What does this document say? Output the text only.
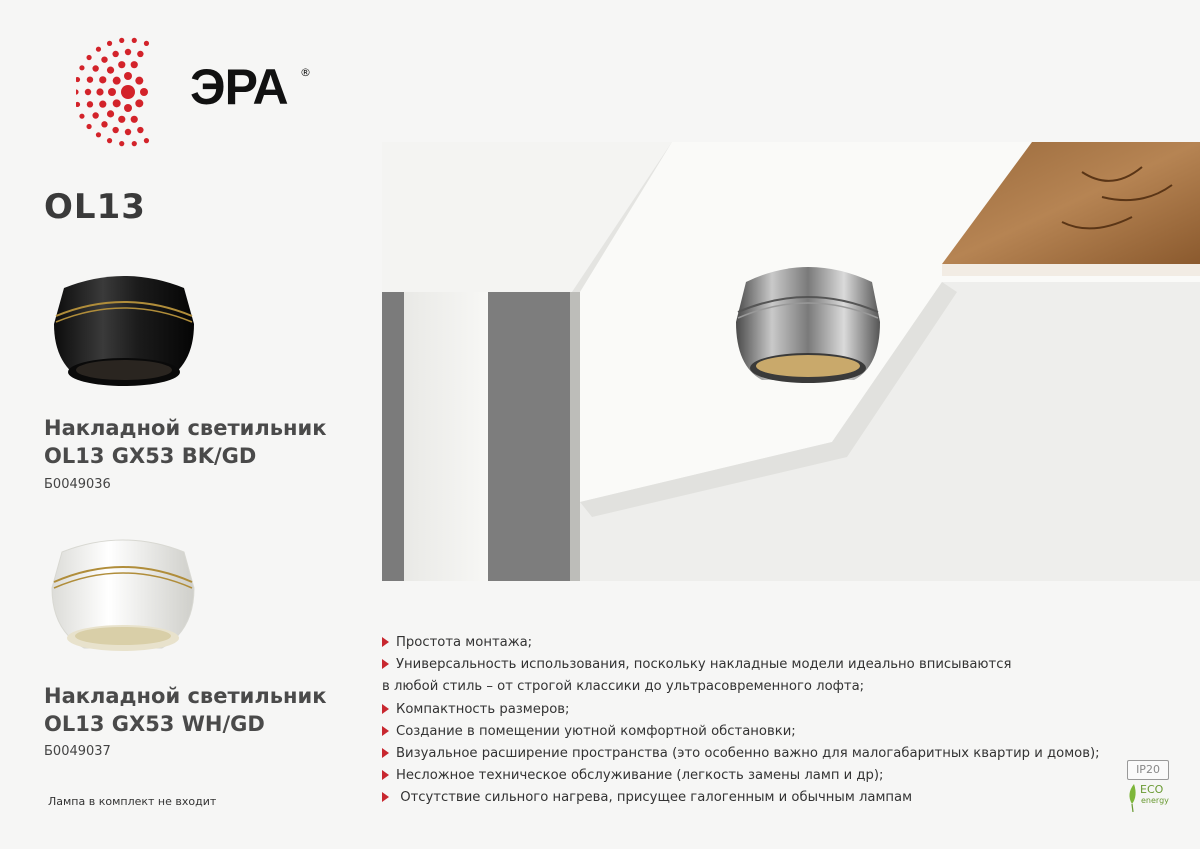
ЭРА ®
OL13
Накладной светильник
OL13 GX53 BK/GD
Б0049036
Накладной светильник
OL13 GX53 WH/GD
Б0049037
Лампа в комплект не входит
Простота монтажа;
Универсальность использования, поскольку накладные модели идеально вписываются
в любой стиль – от строгой классики до ультрасовременного лофта;
Компактность размеров;
Создание в помещении уютной комфортной обстановки;
Визуальное расширение пространства (это особенно важно для малогабаритных квартир и домов);
Несложное техническое обслуживание (легкость замены ламп и др);
Отсутствие сильного нагрева, присущее галогенным и обычным лампам
IP20
ECO
energy
